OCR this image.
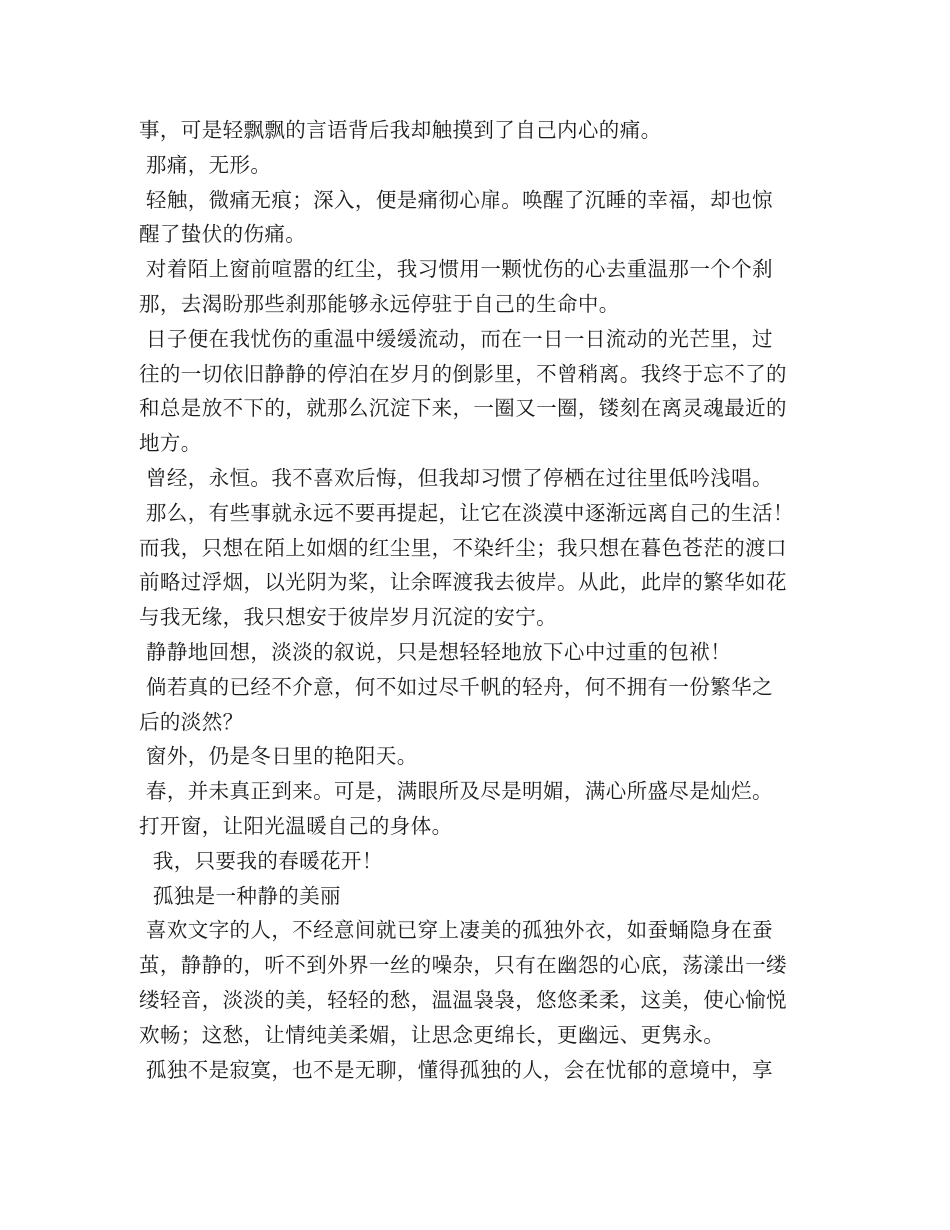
事，可是轻飘飘的言语背后我却触摸到了自己内心的痛。
那痛，无形。
轻触，微痛无痕；深入，便是痛彻心扉。唤醒了沉睡的幸福，却也惊
醒了蛰伏的伤痛。
对着陌上窗前喧嚣的红尘，我习惯用一颗忧伤的心去重温那一个个刹
那，去渴盼那些刹那能够永远停驻于自己的生命中。
日子便在我忧伤的重温中缓缓流动，而在一日一日流动的光芒里，过
往的一切依旧静静的停泊在岁月的倒影里，不曾稍离。我终于忘不了的
和总是放不下的，就那么沉淀下来，一圈又一圈，镂刻在离灵魂最近的
地方。
曾经，永恒。我不喜欢后悔，但我却习惯了停栖在过往里低吟浅唱。
那么，有些事就永远不要再提起，让它在淡漠中逐渐远离自己的生活！
而我，只想在陌上如烟的红尘里，不染纤尘；我只想在暮色苍茫的渡口
前略过浮烟，以光阴为桨，让余晖渡我去彼岸。从此，此岸的繁华如花
与我无缘，我只想安于彼岸岁月沉淀的安宁。
静静地回想，淡淡的叙说，只是想轻轻地放下心中过重的包袱！
倘若真的已经不介意，何不如过尽千帆的轻舟，何不拥有一份繁华之
后的淡然？
窗外，仍是冬日里的艳阳天。
春，并未真正到来。可是，满眼所及尽是明媚，满心所盛尽是灿烂。
打开窗，让阳光温暖自己的身体。
我，只要我的春暖花开！
孤独是一种静的美丽
喜欢文字的人，不经意间就已穿上凄美的孤独外衣，如蚕蛹隐身在蚕
茧，静静的，听不到外界一丝的噪杂，只有在幽怨的心底，荡漾出一缕
缕轻音，淡淡的美，轻轻的愁，温温袅袅，悠悠柔柔，这美，使心愉悦
欢畅；这愁，让情纯美柔媚，让思念更绵长，更幽远、更隽永。
孤独不是寂寞，也不是无聊，懂得孤独的人，会在忧郁的意境中，享
